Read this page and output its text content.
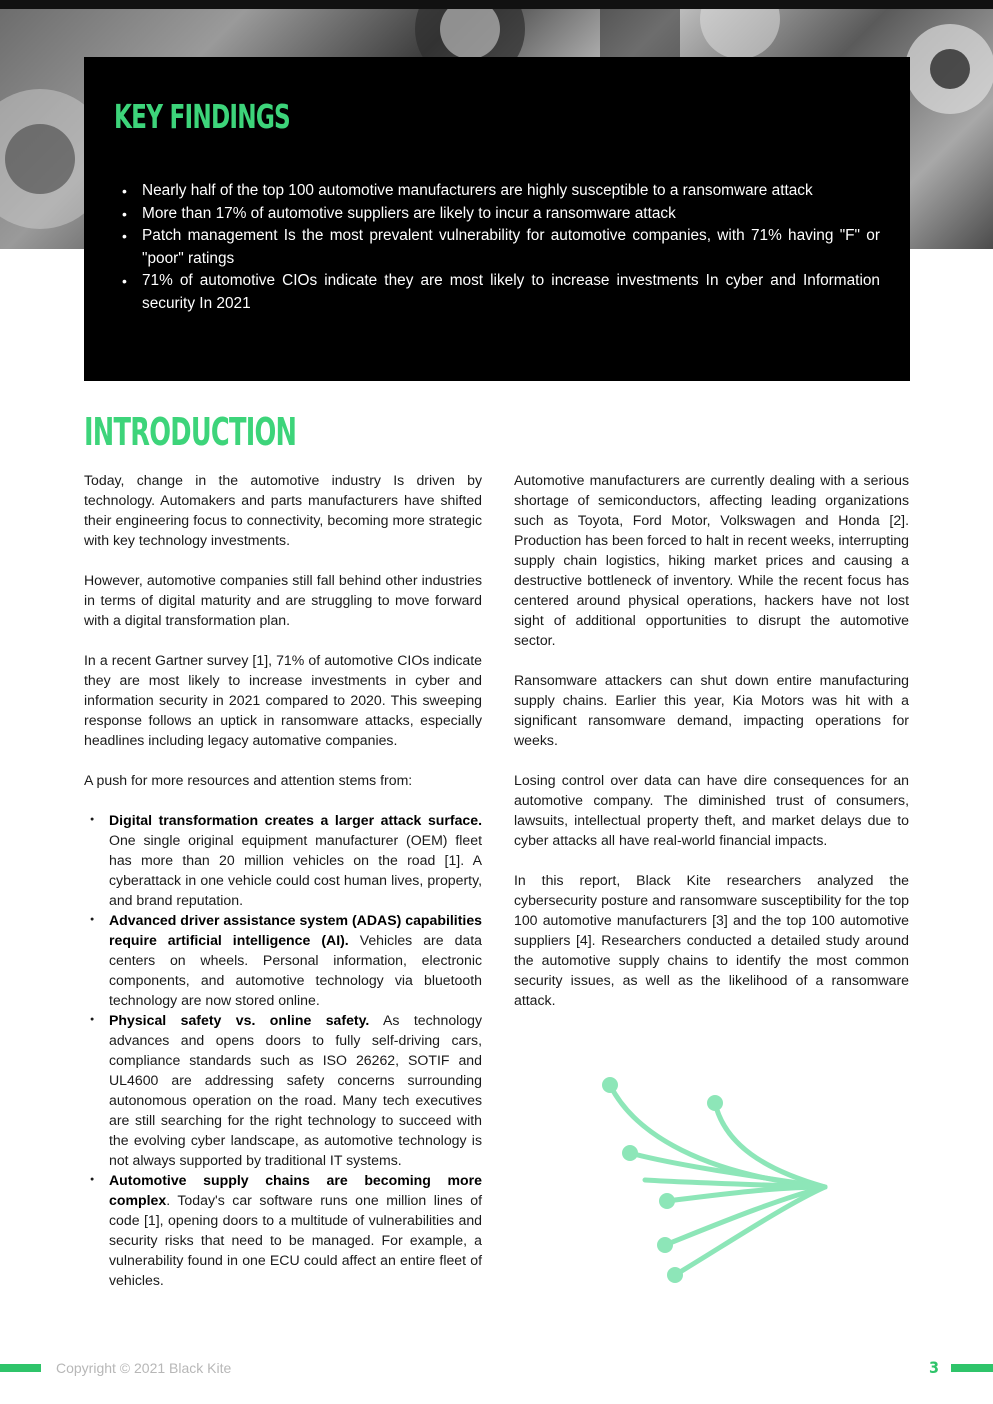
KEY FINDINGS
• Nearly half of the top 100 automotive manufacturers are highly susceptible to a ransomware attack
• More than 17% of automotive suppliers are likely to incur a ransomware attack
• Patch management Is the most prevalent vulnerability for automotive companies, with 71% having "F" or "poor" ratings
• 71% of automotive CIOs indicate they are most likely to increase investments In cyber and Information security In 2021
INTRODUCTION

Today, change in the automotive industry Is driven by technology. Automakers and parts manufacturers have shifted their engineering focus to connectivity, becoming more strategic with key technology investments.

However, automotive companies still fall behind other industries in terms of digital maturity and are struggling to move forward with a digital transformation plan.

In a recent Gartner survey [1], 71% of automotive CIOs indicate they are most likely to increase investments in cyber and information security in 2021 compared to 2020. This sweeping response follows an uptick in ransomware attacks, especially headlines including legacy automative companies.

A push for more resources and attention stems from:

● Digital transformation creates a larger attack surface. One single original equipment manufacturer (OEM) fleet has more than 20 million vehicles on the road [1]. A cyberattack in one vehicle could cost human lives, property, and brand reputation.
● Advanced driver assistance system (ADAS) capabilities require artificial intelligence (AI). Vehicles are data centers on wheels. Personal information, electronic components, and automotive technology via bluetooth technology are now stored online.
● Physical safety vs. online safety. As technology advances and opens doors to fully self-driving cars, compliance standards such as ISO 26262, SOTIF and UL4600 are addressing safety concerns surrounding autonomous operation on the road. Many tech executives are still searching for the right technology to succeed with the evolving cyber landscape, as automotive technology is not always supported by traditional IT systems.
● Automotive supply chains are becoming more complex. Today's car software runs one million lines of code [1], opening doors to a multitude of vulnerabilities and security risks that need to be managed. For example, a vulnerability found in one ECU could affect an entire fleet of vehicles.

Automotive manufacturers are currently dealing with a serious shortage of semiconductors, affecting leading organizations such as Toyota, Ford Motor, Volkswagen and Honda [2]. Production has been forced to halt in recent weeks, interrupting supply chain logistics, hiking market prices and causing a destructive bottleneck of inventory. While the recent focus has centered around physical operations, hackers have not lost sight of additional opportunities to disrupt the automotive sector.

Ransomware attackers can shut down entire manufacturing supply chains. Earlier this year, Kia Motors was hit with a significant ransomware demand, impacting operations for weeks.

Losing control over data can have dire consequences for an automotive company. The diminished trust of consumers, lawsuits, intellectual property theft, and market delays due to cyber attacks all have real-world financial impacts.

In this report, Black Kite researchers analyzed the cybersecurity posture and ransomware susceptibility for the top 100 automotive manufacturers [3] and the top 100 automotive suppliers [4]. Researchers conducted a detailed study around the automotive supply chains to identify the most common security issues, as well as the likelihood of a ransomware attack.

Copyright © 2021 Black Kite	3
